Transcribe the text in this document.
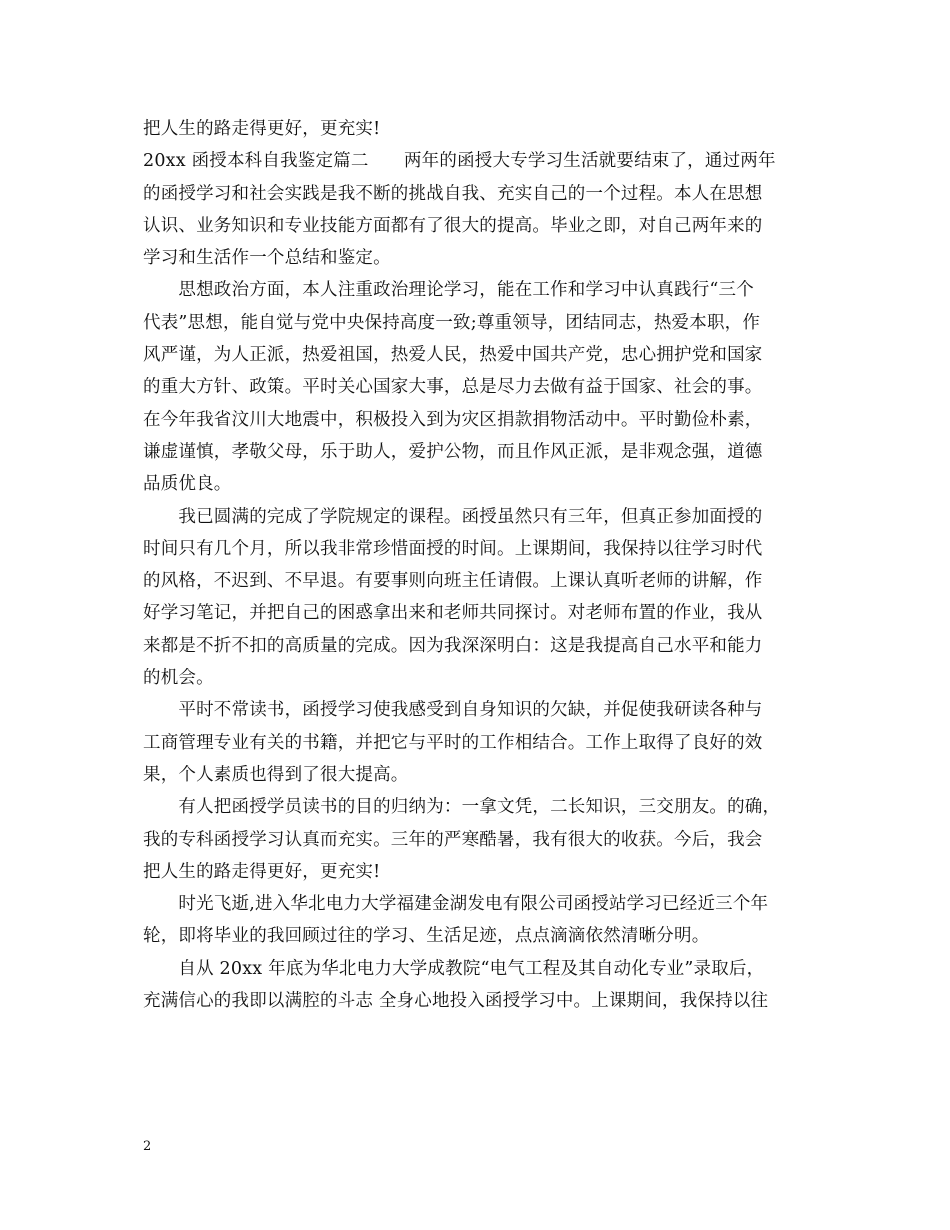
把人生的路走得更好，更充实!
20xx 函授本科自我鉴定篇二　　两年的函授大专学习生活就要结束了，通过两年
的函授学习和社会实践是我不断的挑战自我、充实自己的一个过程。本人在思想
认识、业务知识和专业技能方面都有了很大的提高。毕业之即，对自己两年来的
学习和生活作一个总结和鉴定。
　　思想政治方面，本人注重政治理论学习，能在工作和学习中认真践行“三个
代表”思想，能自觉与党中央保持高度一致;尊重领导，团结同志，热爱本职，作
风严谨，为人正派，热爱祖国，热爱人民，热爱中国共产党，忠心拥护党和国家
的重大方针、政策。平时关心国家大事，总是尽力去做有益于国家、社会的事。
在今年我省汶川大地震中，积极投入到为灾区捐款捐物活动中。平时勤俭朴素，
谦虚谨慎，孝敬父母，乐于助人，爱护公物，而且作风正派，是非观念强，道德
品质优良。
　　我已圆满的完成了学院规定的课程。函授虽然只有三年，但真正参加面授的
时间只有几个月，所以我非常珍惜面授的时间。上课期间，我保持以往学习时代
的风格，不迟到、不早退。有要事则向班主任请假。上课认真听老师的讲解，作
好学习笔记，并把自己的困惑拿出来和老师共同探讨。对老师布置的作业，我从
来都是不折不扣的高质量的完成。因为我深深明白：这是我提高自己水平和能力
的机会。
　　平时不常读书，函授学习使我感受到自身知识的欠缺，并促使我研读各种与
工商管理专业有关的书籍，并把它与平时的工作相结合。工作上取得了良好的效
果，个人素质也得到了很大提高。
　　有人把函授学员读书的目的归纳为：一拿文凭，二长知识，三交朋友。的确，
我的专科函授学习认真而充实。三年的严寒酷暑，我有很大的收获。今后，我会
把人生的路走得更好，更充实!
　　时光飞逝,进入华北电力大学福建金湖发电有限公司函授站学习已经近三个年
轮，即将毕业的我回顾过往的学习、生活足迹，点点滴滴依然清晰分明。
　　自从 20xx 年底为华北电力大学成教院“电气工程及其自动化专业”录取后，
充满信心的我即以满腔的斗志 全身心地投入函授学习中。上课期间，我保持以往
2
